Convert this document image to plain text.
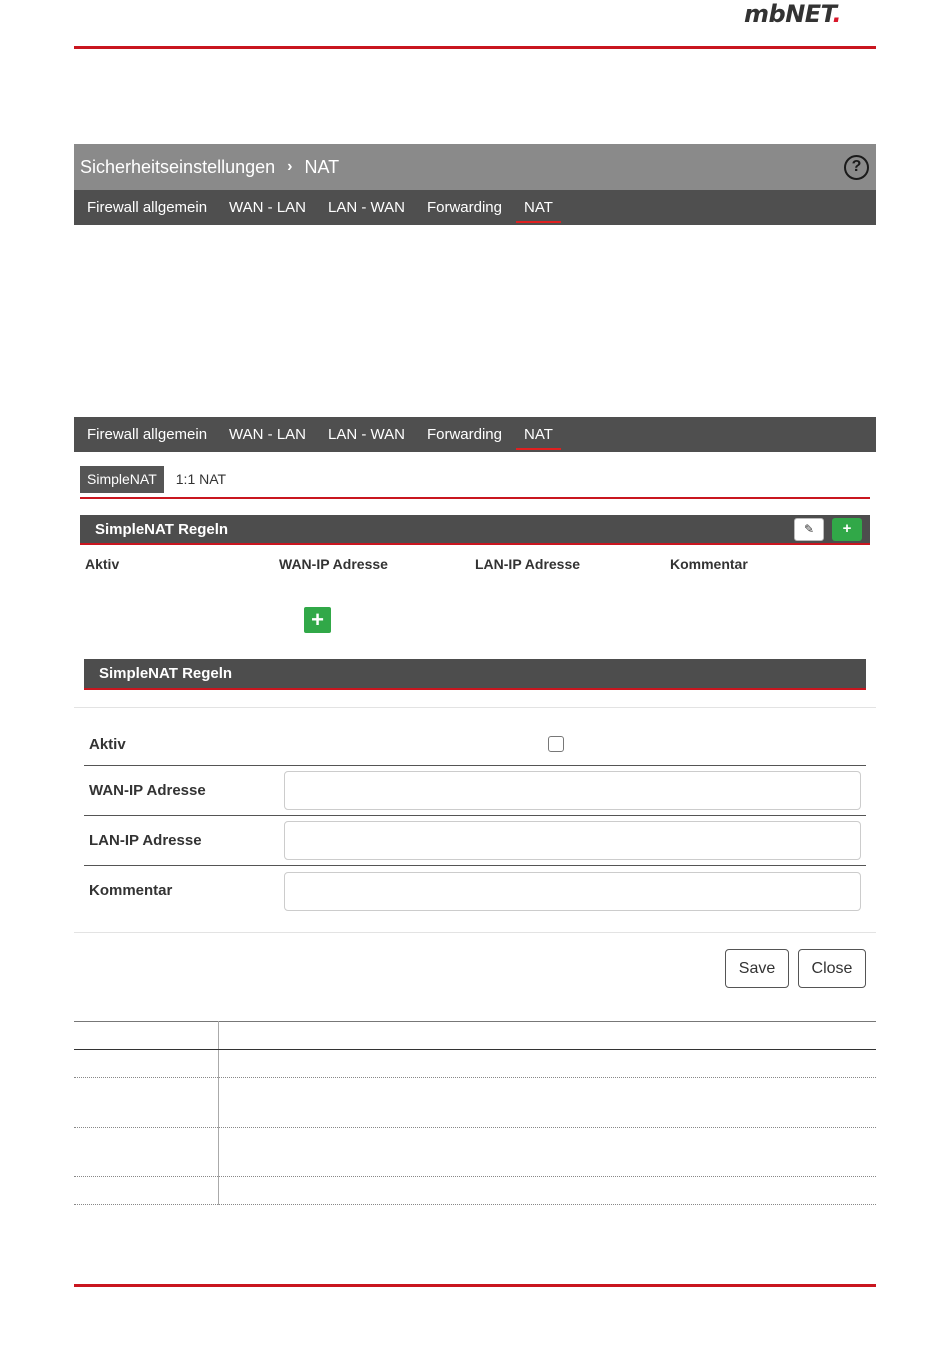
mbNET.
Sicherheitseinstellungen › NAT	?
Firewall allgemein WAN - LAN LAN - WAN Forwarding NAT
Firewall allgemein WAN - LAN LAN - WAN Forwarding NAT
SimpleNAT	1:1 NAT
SimpleNAT Regeln	✎	+
Aktiv	WAN-IP Adresse	LAN-IP Adresse	Kommentar
+
SimpleNAT Regeln
Aktiv
WAN-IP Adresse
LAN-IP Adresse
Kommentar
Save	Close
